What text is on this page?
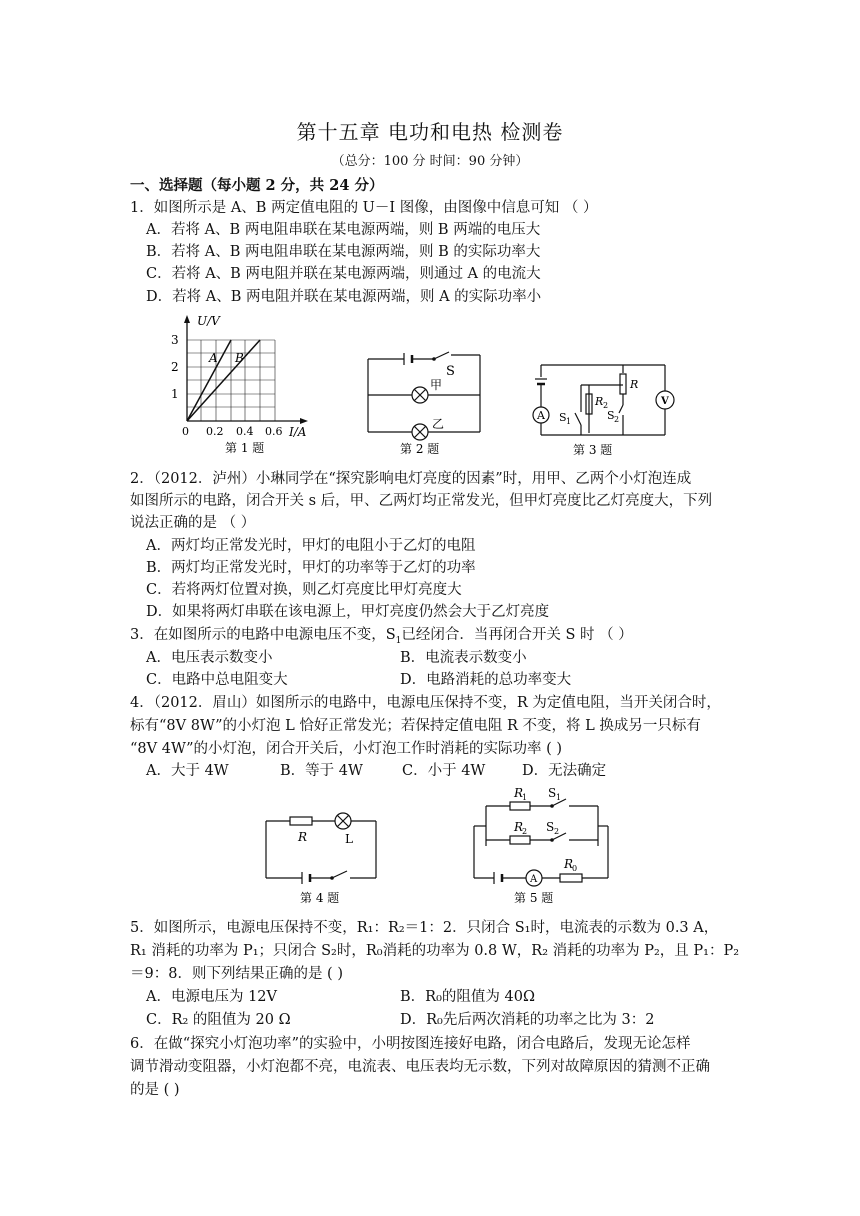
第十五章 电功和电热 检测卷
（总分：100 分 时间：90 分钟）
一、选择题（每小题 2 分，共 24 分）
1．如图所示是 A、B 两定值电阻的 U－I 图像，由图像中信息可知 （ ）
A．若将 A、B 两电阻串联在某电源两端，则 B 两端的电压大
B．若将 A、B 两电阻串联在某电源两端，则 B 的实际功率大
C．若将 A、B 两电阻并联在某电源两端，则通过 A 的电流大
D．若将 A、B 两电阻并联在某电源两端，则 A 的实际功率小
U/V
3
2
1
0 0.2 0.4 0.6 I/A
A B
第 1 题
S
甲
乙
第 2 题
A
V
S 1
R 2
R
S 2
第 3 题
2．（2012．泸州）小琳同学在“探究影响电灯亮度的因素”时，用甲、乙两个小灯泡连成
如图所示的电路，闭合开关 s 后，甲、乙两灯均正常发光，但甲灯亮度比乙灯亮度大，下列
说法正确的是 （ ）
A．两灯均正常发光时，甲灯的电阻小于乙灯的电阻
B．两灯均正常发光时，甲灯的功率等于乙灯的功率
C．若将两灯位置对换，则乙灯亮度比甲灯亮度大
D．如果将两灯串联在该电源上，甲灯亮度仍然会大于乙灯亮度
3．在如图所示的电路中电源电压不变，$S_1$已经闭合．当再闭合开关 S 时 （ ）
A．电压表示数变小	B．电流表示数变小
C．电路中总电阻变大	D．电路消耗的总功率变大
4．（2012．眉山）如图所示的电路中，电源电压保持不变，R 为定值电阻，当开关闭合时，
标有“8V 8W”的小灯泡 L 恰好正常发光；若保持定值电阻 R 不变，将 L 换成另一只标有
“8V 4W”的小灯泡，闭合开关后，小灯泡工作时消耗的实际功率 ( )
A．大于 4W	B．等于 4W	C．小于 4W	D．无法确定
R	L
第 4 题
R
1 S 1
R
2 S 2
A
R
0
第 5 题
5．如图所示，电源电压保持不变，R₁：R₂＝1：2．只闭合 S₁时，电流表的示数为 0.3 A，
R₁ 消耗的功率为 P₁；只闭合 S₂时，R₀消耗的功率为 0.8 W，R₂ 消耗的功率为 P₂，且 P₁：P₂
＝9：8．则下列结果正确的是 ( )
A．电源电压为 12V	B．R₀的阻值为 40Ω
C．R₂ 的阻值为 20 Ω	D．R₀先后两次消耗的功率之比为 3：2
6．在做“探究小灯泡功率”的实验中，小明按图连接好电路，闭合电路后，发现无论怎样
调节滑动变阻器，小灯泡都不亮，电流表、电压表均无示数，下列对故障原因的猜测不正确
的是 ( )
